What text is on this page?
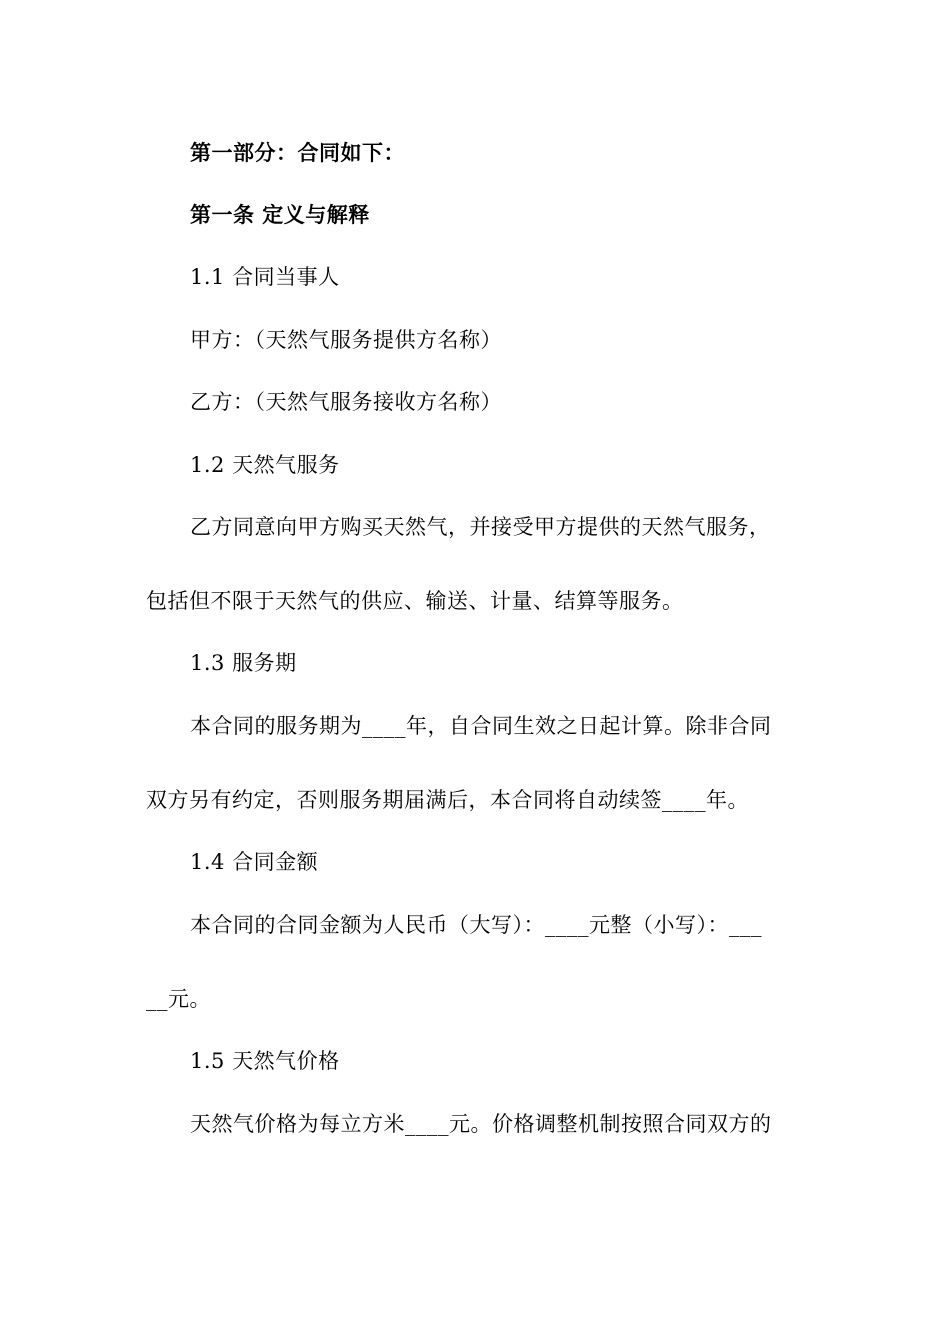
第一部分：合同如下：
第一条 定义与解释
1.1 合同当事人
甲方：（天然气服务提供方名称）
乙方：（天然气服务接收方名称）
1.2 天然气服务
乙方同意向甲方购买天然气，并接受甲方提供的天然气服务，
包括但不限于天然气的供应、输送、计量、结算等服务。
1.3 服务期
本合同的服务期为____年，自合同生效之日起计算。除非合同
双方另有约定，否则服务期届满后，本合同将自动续签____年。
1.4 合同金额
本合同的合同金额为人民币（大写）：____元整（小写）：___
__元。
1.5 天然气价格
天然气价格为每立方米____元。价格调整机制按照合同双方的
